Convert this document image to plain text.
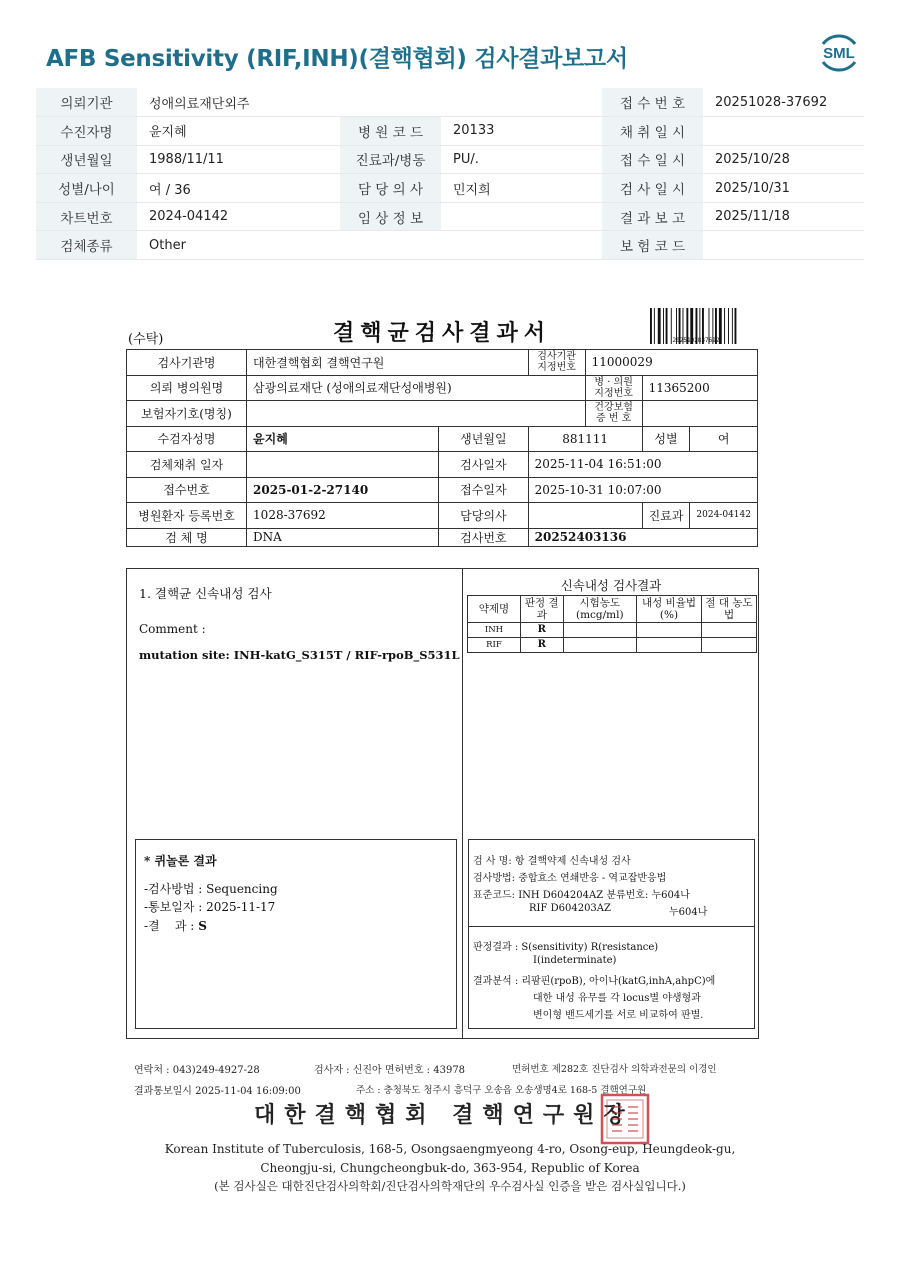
AFB Sensitivity (RIF,INH)(결핵협회) 검사결과보고서	SML
의뢰기관	성애의료재단외주			접 수 번 호	20251028-37692
수진자명	윤지혜	병 원 코 드	20133	채 취 일 시	
생년월일	1988/11/11	진료과/병동	PU/.	접 수 일 시	2025/10/28
성별/나이	여 / 36	담 당 의 사	민지희	검 사 일 시	2025/10/31
차트번호	2024-04142	임 상 정 보		결 과 보 고	2025/11/18
검체종류	Other			보 험 코 드	
(수탁)	결핵균검사결과서	2025102837692
검사기관명	대한결핵협회 결핵연구원		검사기관 지정번호	11000029		
의뢰 병의원명	삼광의료재단 (성애의료재단성애병원)			병 · 의원 지정번호	11365200	
보험자기호(명칭)				건강보험 증 번 호		
수검자성명	윤지혜	생년월일	881111		성별	여
검체채취 일자		검사일자	2025-11-04 16:51:00			
접수번호	2025-01-2-27140	접수일자	2025-10-31 10:07:00			
병원환자 등록번호	1028-37692	담당의사			진료과	2024-04142
검 체 명	DNA	검사번호	20252403136			
1. 결핵균 신속내성 검사
Comment :
mutation site: INH-katG_S315T / RIF-rpoB_S531L
* 퀴놀론 결과
-검사방법 : Sequencing
-통보일자 : 2025-11-17
-결    과 : S
신속내성 검사결과
약제명	판정 결과	시험농도 (mcg/ml)	내성 비율법(%)	절 대 농도법
INH	R			
RIF	R			
검 사 명: 항 결핵약제 신속내성 검사
검사방법: 중합효소 연쇄반응 - 역교잡반응법
표준코드: INH D604204AZ 분류번호: 누604나
RIF D604203AZ	누604나
판정결과 : S(sensitivity) R(resistance)
I(indeterminate)
결과분석 : 리팜핀(rpoB), 아이나(katG,inhA,ahpC)에
대한 내성 유무를 각 locus별 야생형과
변이형 밴드세기를 서로 비교하여 판별.
연락처 : 043)249-4927-28	검사자 : 신진아 면허번호 : 43978	면허번호 제282호 진단검사 의학과전문의 이경인
결과통보일시 2025-11-04 16:09:00	주소 : 충청북도 청주시 흥덕구 오송읍 오송생명4로 168-5 결핵연구원
대한결핵협회 결핵연구원장
Korean Institute of Tuberculosis, 168-5, Osongsaengmyeong 4-ro, Osong-eup, Heungdeok-gu,
Cheongju-si, Chungcheongbuk-do, 363-954, Republic of Korea
(본 검사실은 대한진단검사의학회/진단검사의학재단의 우수검사실 인증을 받은 검사실입니다.)
